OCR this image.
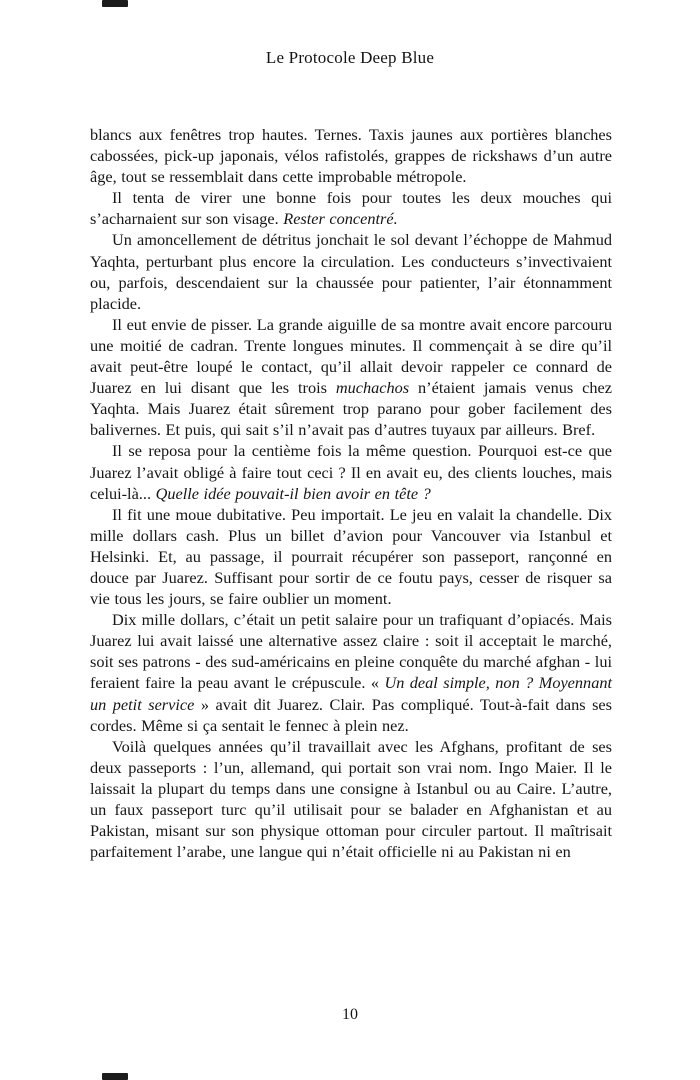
Le Protocole Deep Blue

blancs aux fenêtres trop hautes. Ternes. Taxis jaunes aux portières blanches cabossées, pick-up japonais, vélos rafistolés, grappes de rickshaws d’un autre âge, tout se ressemblait dans cette improbable métropole.

Il tenta de virer une bonne fois pour toutes les deux mouches qui s’acharnaient sur son visage. Rester concentré.

Un amoncellement de détritus jonchait le sol devant l’échoppe de Mahmud Yaqhta, perturbant plus encore la circulation. Les conducteurs s’invectivaient ou, parfois, descendaient sur la chaussée pour patienter, l’air étonnamment placide.

Il eut envie de pisser. La grande aiguille de sa montre avait encore parcouru une moitié de cadran. Trente longues minutes. Il commençait à se dire qu’il avait peut-être loupé le contact, qu’il allait devoir rappeler ce connard de Juarez en lui disant que les trois muchachos n’étaient jamais venus chez Yaqhta. Mais Juarez était sûrement trop parano pour gober facilement des balivernes. Et puis, qui sait s’il n’avait pas d’autres tuyaux par ailleurs. Bref.

Il se reposa pour la centième fois la même question. Pourquoi est-ce que Juarez l’avait obligé à faire tout ceci ? Il en avait eu, des clients louches, mais celui-là... Quelle idée pouvait-il bien avoir en tête ?

Il fit une moue dubitative. Peu importait. Le jeu en valait la chandelle. Dix mille dollars cash. Plus un billet d’avion pour Vancouver via Istanbul et Helsinki. Et, au passage, il pourrait récupérer son passeport, rançonné en douce par Juarez. Suffisant pour sortir de ce foutu pays, cesser de risquer sa vie tous les jours, se faire oublier un moment.

Dix mille dollars, c’était un petit salaire pour un trafiquant d’opiacés. Mais Juarez lui avait laissé une alternative assez claire : soit il acceptait le marché, soit ses patrons - des sud-américains en pleine conquête du marché afghan - lui feraient faire la peau avant le crépuscule. « Un deal simple, non ? Moyennant un petit service » avait dit Juarez. Clair. Pas compliqué. Tout-à-fait dans ses cordes. Même si ça sentait le fennec à plein nez.

Voilà quelques années qu’il travaillait avec les Afghans, profitant de ses deux passeports : l’un, allemand, qui portait son vrai nom. Ingo Maier. Il le laissait la plupart du temps dans une consigne à Istanbul ou au Caire. L’autre, un faux passeport turc qu’il utilisait pour se balader en Afghanistan et au Pakistan, misant sur son physique ottoman pour circuler partout. Il maîtrisait parfaitement l’arabe, une langue qui n’était officielle ni au Pakistan ni en

10
